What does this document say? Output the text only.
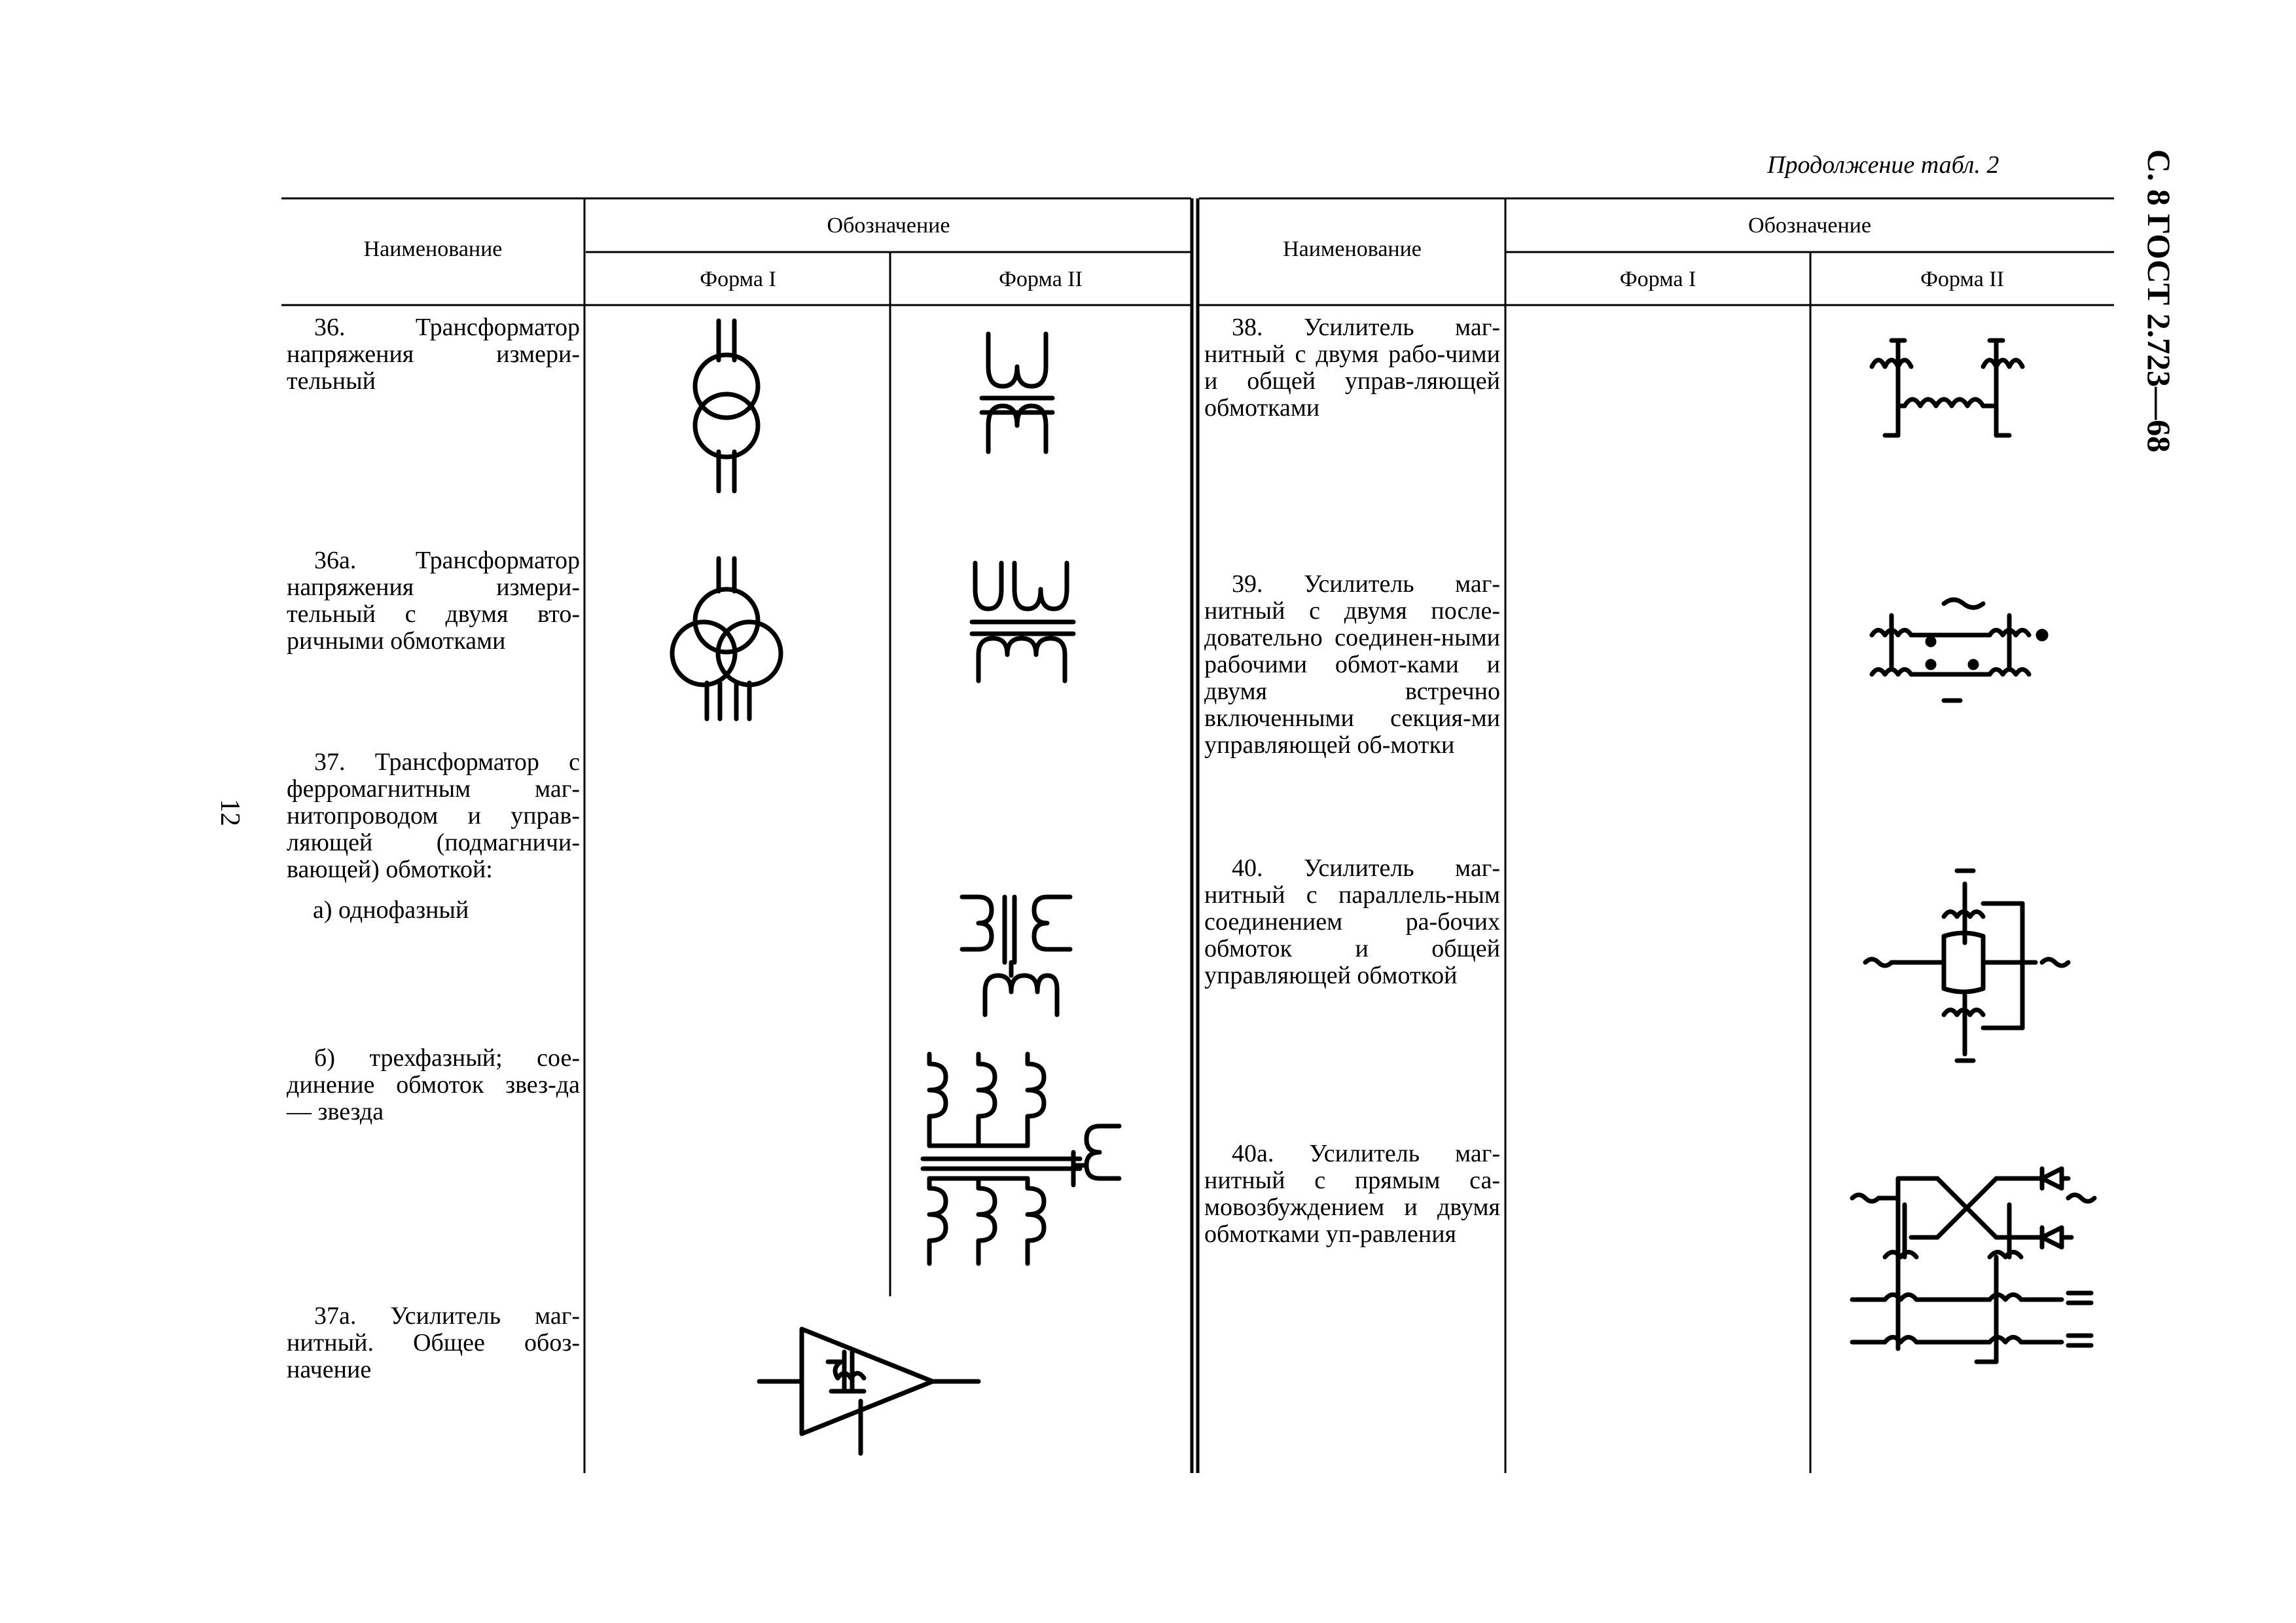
Продолжение табл. 2	С. 8 ГОСТ 2.723—68
12
Наименование
Обозначение
Форма I	Форма II
Наименование
Обозначение
Форма I	Форма II
36. Трансформатор напряжения измери-тельный
36а. Трансформатор напряжения измери-тельный с двумя вто-ричными обмотками
37. Трансформатор с ферромагнитным маг-нитопроводом и управ-ляющей (подмагничи-вающей) обмоткой:
а) однофазный
б) трехфазный; сое-динение обмоток звез-да — звезда
37а. Усилитель маг-нитный. Общее обоз-начение
38. Усилитель маг-нитный с двумя рабо-чими и общей управ-ляющей обмотками
39. Усилитель маг-нитный с двумя после-довательно соединен-ными рабочими обмот-ками и двумя встречно включенными секция-ми управляющей об-мотки
40. Усилитель маг-нитный с параллель-ным соединением ра-бочих обмоток и общей управляющей обмоткой
40а. Усилитель маг-нитный с прямым са-мовозбуждением и двумя обмотками уп-равления
